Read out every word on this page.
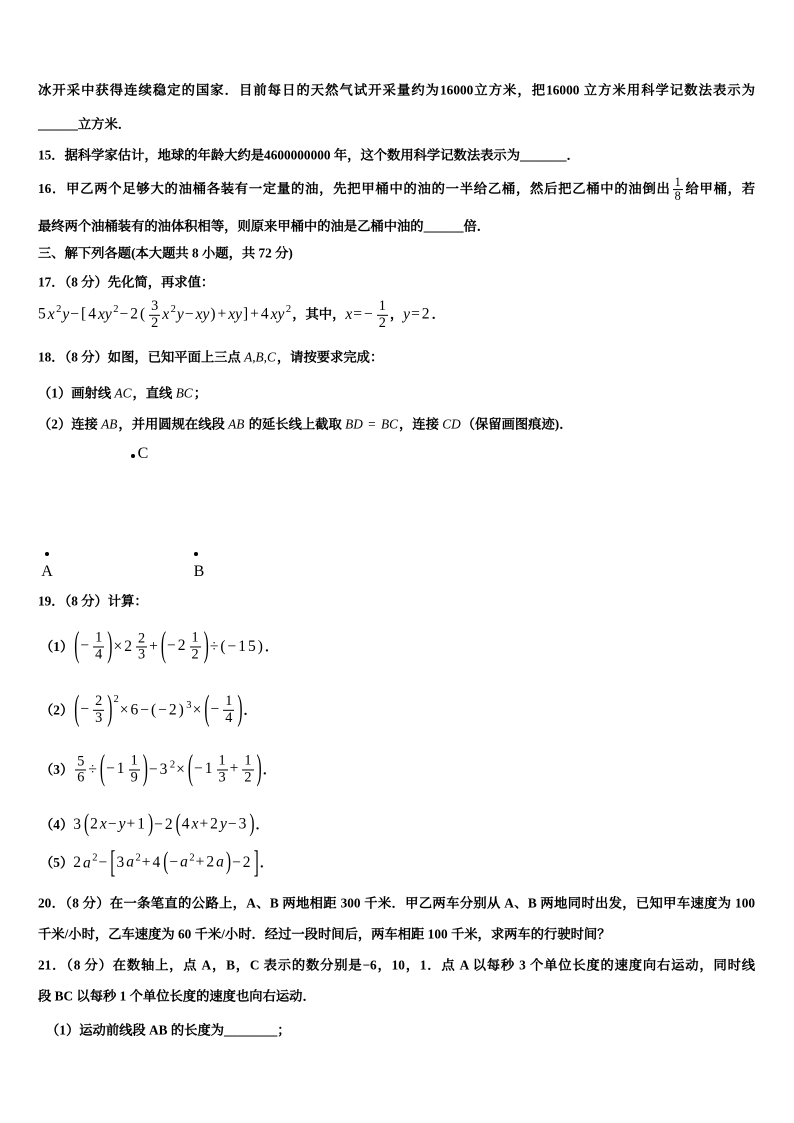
冰开采中获得连续稳定的国家．目前每日的天然气试开采量约为16000立方米，把16000 立方米用科学记数法表示为
______立方米．
15．据科学家估计，地球的年龄大约是4600000000 年，这个数用科学记数法表示为_______．
16．甲乙两个足够大的油桶各装有一定量的油，先把甲桶中的油的一半给乙桶，然后把乙桶中的油倒出 $\frac{1}{8}$ 给甲桶，若
最终两个油桶装有的油体积相等，则原来甲桶中的油是乙桶中油的______倍．
三、解下列各题(本大题共 8 小题，共 72 分)
17．（8 分）先化简，再求值：
5x $^2$y−[4xy $^2-2( \frac{3}{2}$ x $^2$y−xy)+xy]+4xy $^2$，其中，$x=- \frac{1}{2}$ ，y=2．
18．（8 分）如图，已知平面上三点 A,B,C，请按要求完成：
（1）画射线 AC，直线 BC；
（2）连接 AB，并用圆规在线段 AB 的延长线上截取 BD = BC，连接 CD（保留画图痕迹)．
C
A	B
19．（8 分）计算：
（1） ( − $\frac{1}{4}$ ) $\times 2 \frac{2}{3}$ + ( $-2 \frac{1}{2}$ ) ÷(−15)．
（2） ( − $\frac{2}{3}$ ) $^2\times 6-(-2)^3\times$ ( − $\frac{1}{4}$ ) ．
$(3) \frac{5}{6}$ ÷ ( $-1 \frac{1}{9}$ ) $-3^2\times$ ( $-1 \frac{1}{3} + \frac{1}{2}$ ) ．
（4）3 ( 2x−y+1 ) −2 ( 4x+2y−3 ) ．
（5）2a $^2$− [ 3a $^2$+4 ( −a $^2$+2a ) −2 ] ．
20．（8 分）在一条笔直的公路上，A、B 两地相距 300 千米．甲乙两车分别从 A、B 两地同时出发，已知甲车速度为 100
千米/小时，乙车速度为 60 千米/小时．经过一段时间后，两车相距 100 千米，求两车的行驶时间？
21．（8 分）在数轴上，点 A，B，C 表示的数分别是−6，10，1．点 A 以每秒 3 个单位长度的速度向右运动，同时线
段 BC 以每秒 1 个单位长度的速度也向右运动．
（1）运动前线段 AB 的长度为________；
